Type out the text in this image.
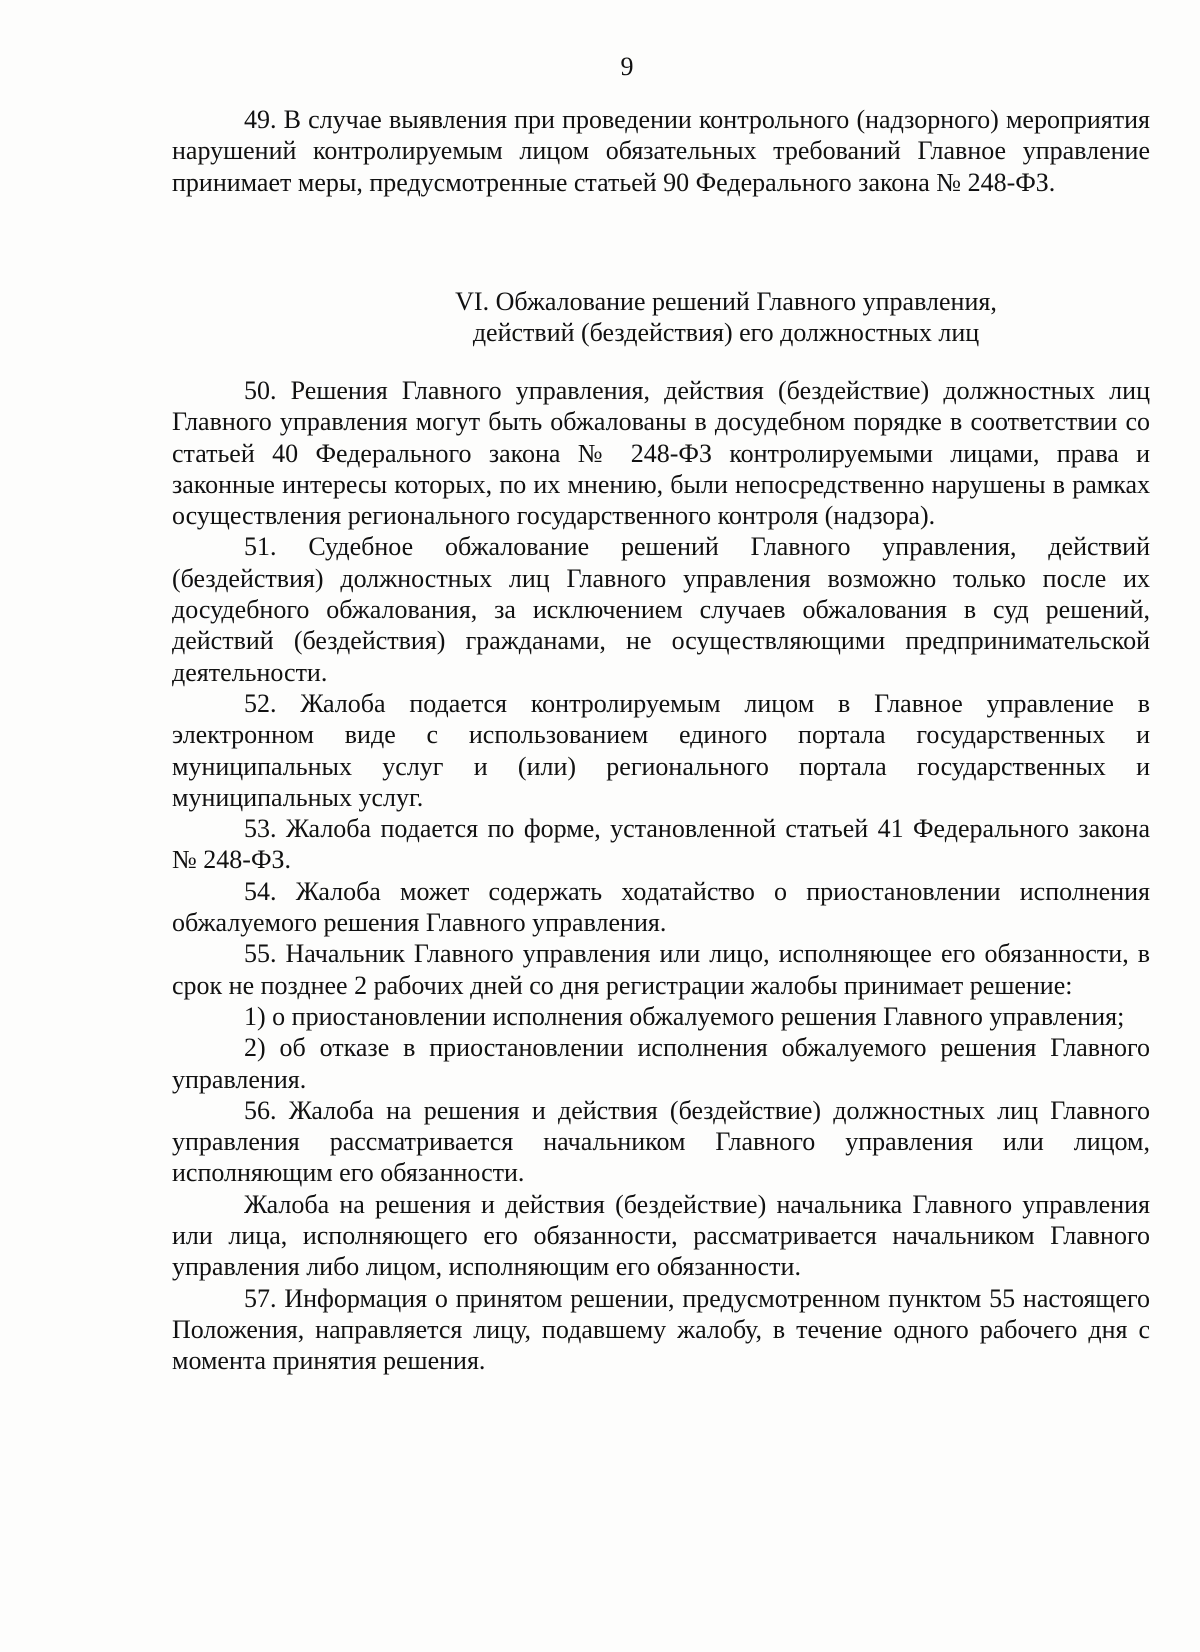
9

49. В случае выявления при проведении контрольного (надзорного) мероприятия нарушений контролируемым лицом обязательных требований Главное управление принимает меры, предусмотренные статьей 90 Федерального закона № 248-ФЗ.

VI. Обжалование решений Главного управления,

действий (бездействия) его должностных лиц

50. Решения Главного управления, действия (бездействие) должностных лиц Главного управления могут быть обжалованы в досудебном порядке в соответствии со статьей 40 Федерального закона № 248-ФЗ контролируемыми лицами, права и законные интересы которых, по их мнению, были непосредственно нарушены в рамках осуществления регионального государственного контроля (надзора).

51. Судебное обжалование решений Главного управления, действий (бездействия) должностных лиц Главного управления возможно только после их досудебного обжалования, за исключением случаев обжалования в суд решений, действий (бездействия) гражданами, не осуществляющими предпринимательской деятельности.

52. Жалоба подается контролируемым лицом в Главное управление в электронном виде с использованием единого портала государственных и муниципальных услуг и (или) регионального портала государственных и муниципальных услуг.

53. Жалоба подается по форме, установленной статьей 41 Федерального закона № 248-ФЗ.

54. Жалоба может содержать ходатайство о приостановлении исполнения обжалуемого решения Главного управления.

55. Начальник Главного управления или лицо, исполняющее его обязанности, в срок не позднее 2 рабочих дней со дня регистрации жалобы принимает решение:

1) о приостановлении исполнения обжалуемого решения Главного управления;

2) об отказе в приостановлении исполнения обжалуемого решения Главного управления.

56. Жалоба на решения и действия (бездействие) должностных лиц Главного управления рассматривается начальником Главного управления или лицом, исполняющим его обязанности.

Жалоба на решения и действия (бездействие) начальника Главного управления или лица, исполняющего его обязанности, рассматривается начальником Главного управления либо лицом, исполняющим его обязанности.

57. Информация о принятом решении, предусмотренном пунктом 55 настоящего Положения, направляется лицу, подавшему жалобу, в течение одного рабочего дня с момента принятия решения.
